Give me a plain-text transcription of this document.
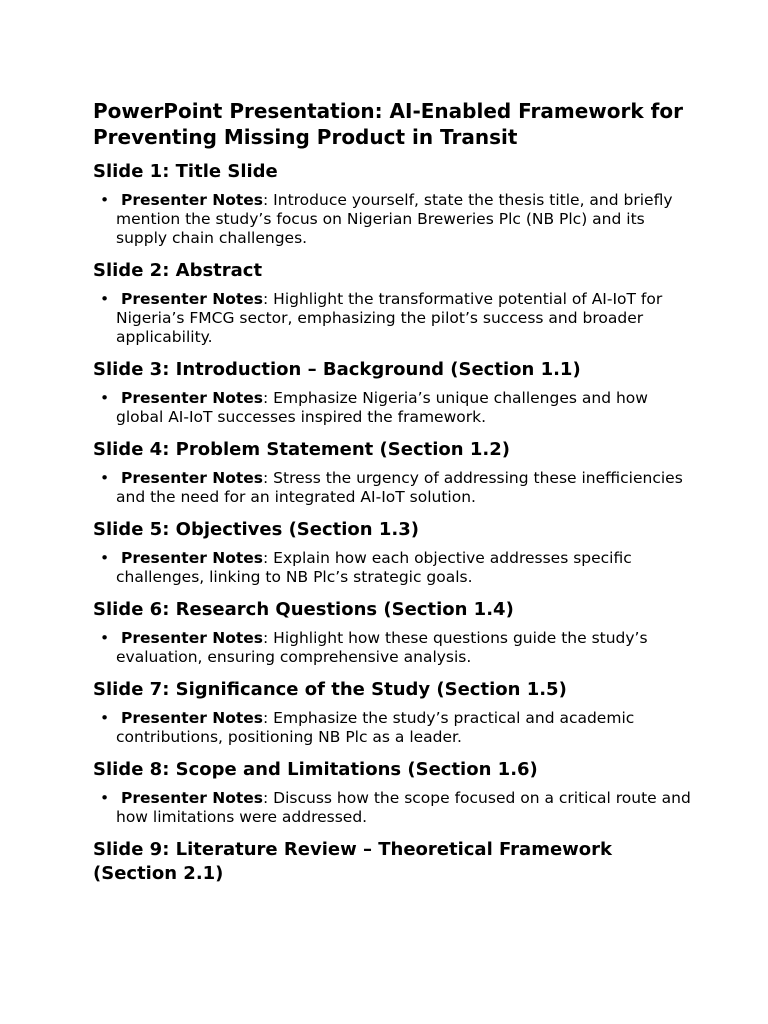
PowerPoint Presentation: AI-Enabled Framework for Preventing Missing Product in Transit
Slide 1: Title Slide
• Presenter Notes: Introduce yourself, state the thesis title, and briefly mention the study’s focus on Nigerian Breweries Plc (NB Plc) and its supply chain challenges.
Slide 2: Abstract
• Presenter Notes: Highlight the transformative potential of AI-IoT for Nigeria’s FMCG sector, emphasizing the pilot’s success and broader applicability.
Slide 3: Introduction – Background (Section 1.1)
• Presenter Notes: Emphasize Nigeria’s unique challenges and how global AI-IoT successes inspired the framework.
Slide 4: Problem Statement (Section 1.2)
• Presenter Notes: Stress the urgency of addressing these inefficiencies and the need for an integrated AI-IoT solution.
Slide 5: Objectives (Section 1.3)
• Presenter Notes: Explain how each objective addresses specific challenges, linking to NB Plc’s strategic goals.
Slide 6: Research Questions (Section 1.4)
• Presenter Notes: Highlight how these questions guide the study’s evaluation, ensuring comprehensive analysis.
Slide 7: Significance of the Study (Section 1.5)
• Presenter Notes: Emphasize the study’s practical and academic contributions, positioning NB Plc as a leader.
Slide 8: Scope and Limitations (Section 1.6)
• Presenter Notes: Discuss how the scope focused on a critical route and how limitations were addressed.
Slide 9: Literature Review – Theoretical Framework (Section 2.1)
